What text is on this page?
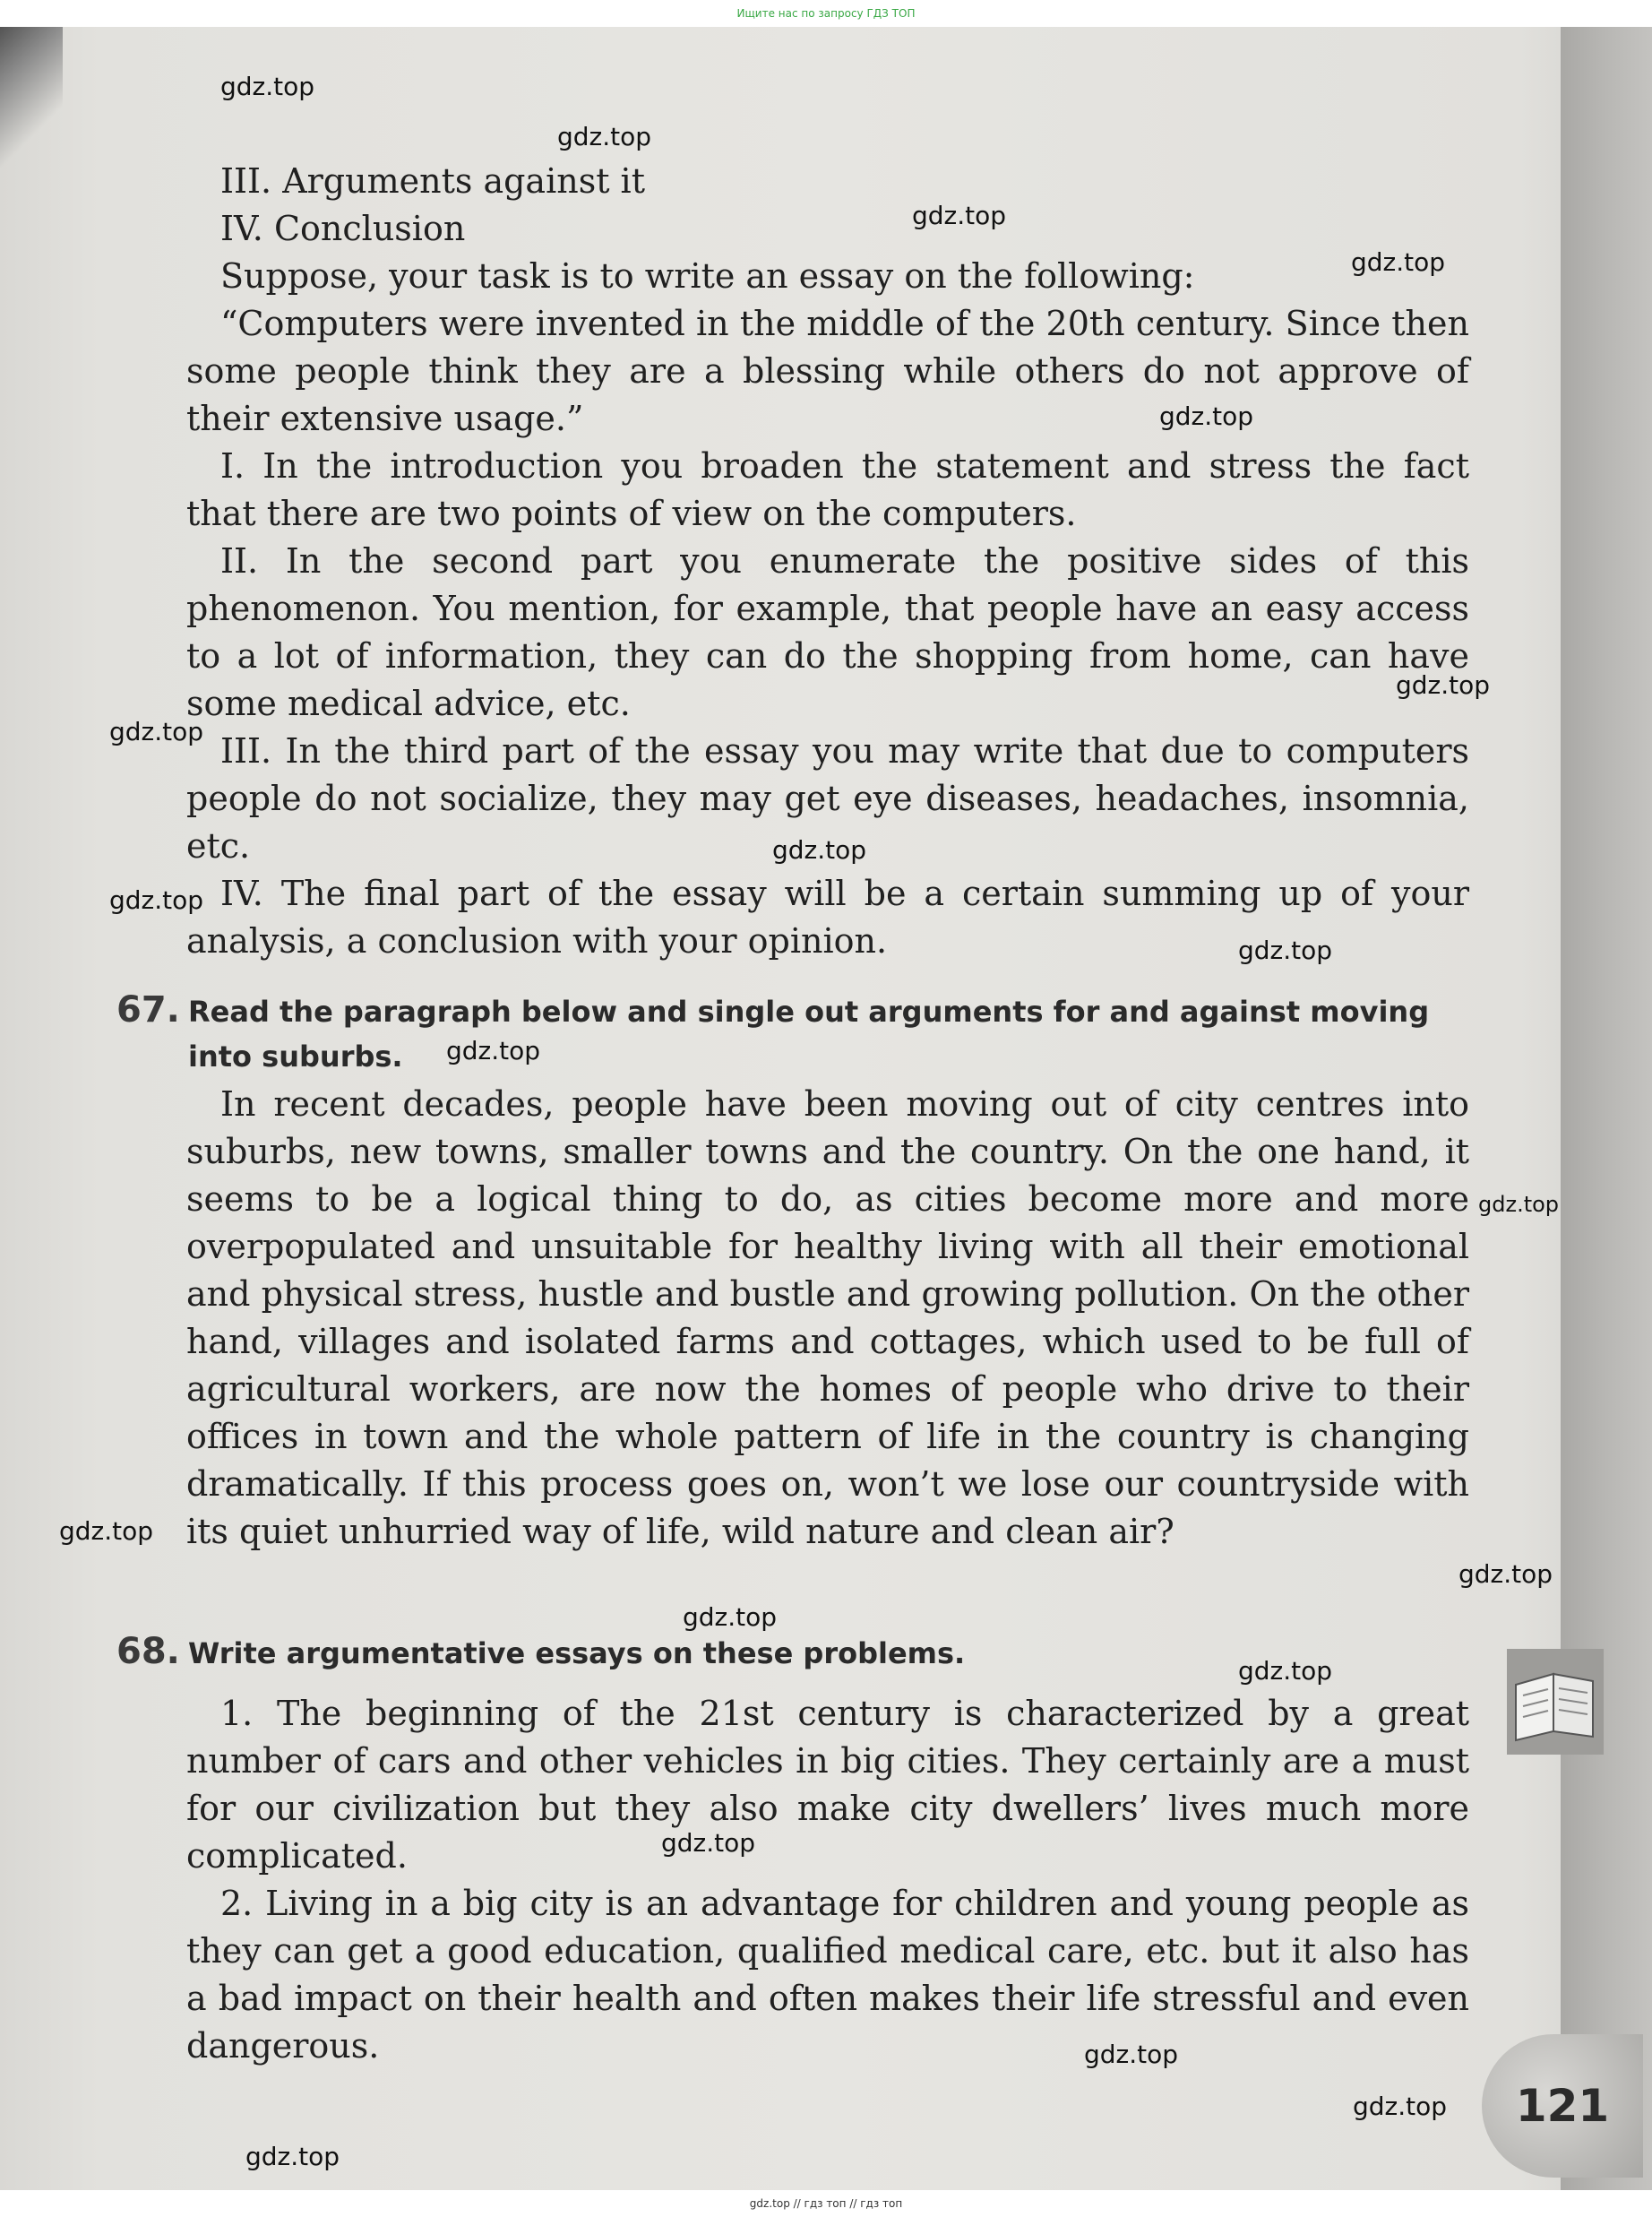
Ищите нас по запросу ГДЗ ТОП

III. Arguments against it

IV. Conclusion

Suppose, your task is to write an essay on the following:

“Computers were invented in the middle of the 20th century. Since then some people think they are a blessing while others do not approve of their extensive usage.”

I. In the introduction you broaden the statement and stress the fact that there are two points of view on the computers.

II. In the second part you enumerate the positive sides of this phenomenon. You mention, for example, that people have an easy access to a lot of information, they can do the shopping from home, can have some medical advice, etc.

III. In the third part of the essay you may write that due to computers people do not socialize, they may get eye diseases, headaches, insomnia, etc.

IV. The final part of the essay will be a certain summing up of your analysis, a conclusion with your opinion.

67. Read the paragraph below and single out arguments for and against moving into suburbs.

In recent decades, people have been moving out of city centres into suburbs, new towns, smaller towns and the country. On the one hand, it seems to be a logical thing to do, as cities become more and more overpopulated and unsuitable for healthy living with all their emotional and physical stress, hustle and bustle and growing pollution. On the other hand, villages and isolated farms and cottages, which used to be full of agricultural workers, are now the homes of people who drive to their offices in town and the whole pattern of life in the country is changing dramatically. If this process goes on, won’t we lose our countryside with its quiet unhurried way of life, wild nature and clean air?

68. Write argumentative essays on these problems.

1. The beginning of the 21st century is characterized by a great number of cars and other vehicles in big cities. They certainly are a must for our civilization but they also make city dwellers’ lives much more complicated.

2. Living in a big city is an advantage for children and young people as they can get a good education, qualified medical care, etc. but it also has a bad impact on their health and often makes their life stressful and even dangerous.

121
gdz.top
gdz.top
gdz.top
gdz.top
gdz.top
gdz.top
gdz.top
gdz.top
gdz.top
gdz.top
gdz.top
gdz.top
gdz.top
gdz.top
gdz.top
gdz.top
gdz.top
gdz.top
gdz.top
gdz.top
gdz.top // гдз топ // гдз топ
